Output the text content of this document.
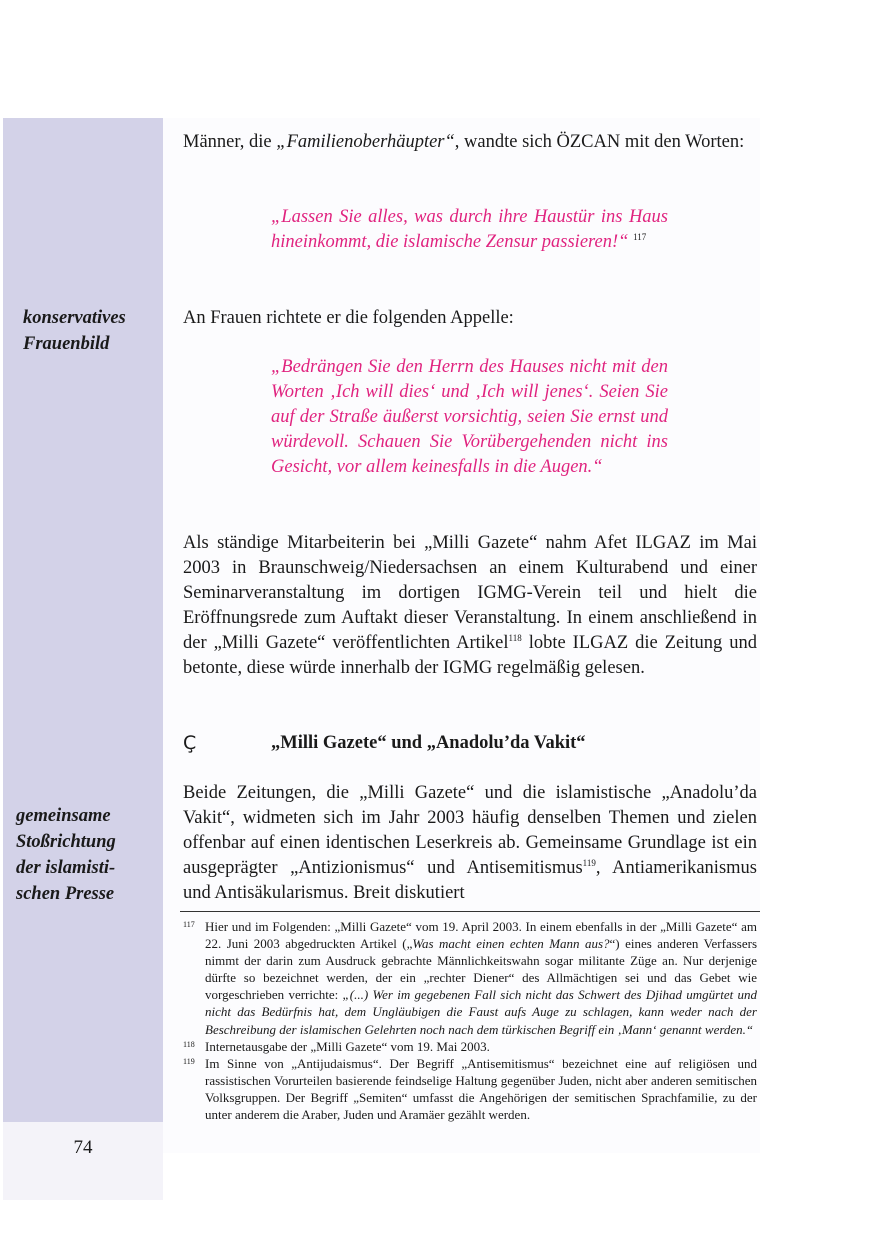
74
konservatives
Frauenbild
gemeinsame
Stoßrichtung
der islamisti-
schen Presse

Männer, die „Familienoberhäupter“, wandte sich ÖZCAN mit den Worten:

„Lassen Sie alles, was durch ihre Haustür ins Haus hineinkommt, die islamische Zensur passieren!“ $^{117}$

An Frauen richtete er die folgenden Appelle:

„Bedrängen Sie den Herrn des Hauses nicht mit den Worten ‚Ich will dies‘ und ‚Ich will jenes‘. Seien Sie auf der Straße äußerst vorsichtig, seien Sie ernst und würdevoll. Schauen Sie Vorübergehenden nicht ins Gesicht, vor allem keinesfalls in die Augen.“

Als ständige Mitarbeiterin bei „Milli Gazete“ nahm Afet ILGAZ im Mai 2003 in Braunschweig/Niedersachsen an einem Kulturabend und einer Seminarveranstaltung im dortigen IGMG-Verein teil und hielt die Eröffnungsrede zum Auftakt dieser Veranstaltung. In einem anschließend in der „Milli Gazete“ veröffentlichten Artikel$^{118}$ lobte ILGAZ die Zeitung und betonte, diese würde innerhalb der IGMG regelmäßig gelesen.

Ç	„Milli Gazete“ und „Anadolu’da Vakit“

Beide Zeitungen, die „Milli Gazete“ und die islamistische „Anadolu’da Vakit“, widmeten sich im Jahr 2003 häufig denselben Themen und zielen offenbar auf einen identischen Leserkreis ab. Gemeinsame Grundlage ist ein ausgeprägter „Antizionismus“ und Antisemitismus$^{119}$, Antiamerikanismus und Antisäkularismus. Breit diskutiert

117 Hier und im Folgenden: „Milli Gazete“ vom 19. April 2003. In einem ebenfalls in der „Milli Gazete“ am 22. Juni 2003 abgedruckten Artikel („Was macht einen echten Mann aus?“) eines anderen Verfassers nimmt der darin zum Ausdruck gebrachte Männlichkeitswahn sogar militante Züge an. Nur derjenige dürfte so bezeichnet werden, der ein „rechter Diener“ des Allmächtigen sei und das Gebet wie vorgeschrieben verrichte: „(...) Wer im gegebenen Fall sich nicht das Schwert des Djihad umgürtet und nicht das Bedürfnis hat, dem Ungläubigen die Faust aufs Auge zu schlagen, kann weder nach der Beschreibung der islamischen Gelehrten noch nach dem türkischen Begriff ein ‚Mann‘ genannt werden.“

118 Internetausgabe der „Milli Gazete“ vom 19. Mai 2003.

119 Im Sinne von „Antijudaismus“. Der Begriff „Antisemitismus“ bezeichnet eine auf religiösen und rassistischen Vorurteilen basierende feindselige Haltung gegenüber Juden, nicht aber anderen semitischen Volksgruppen. Der Begriff „Semiten“ umfasst die Angehörigen der semitischen Sprachfamilie, zu der unter anderem die Araber, Juden und Aramäer gezählt werden.
